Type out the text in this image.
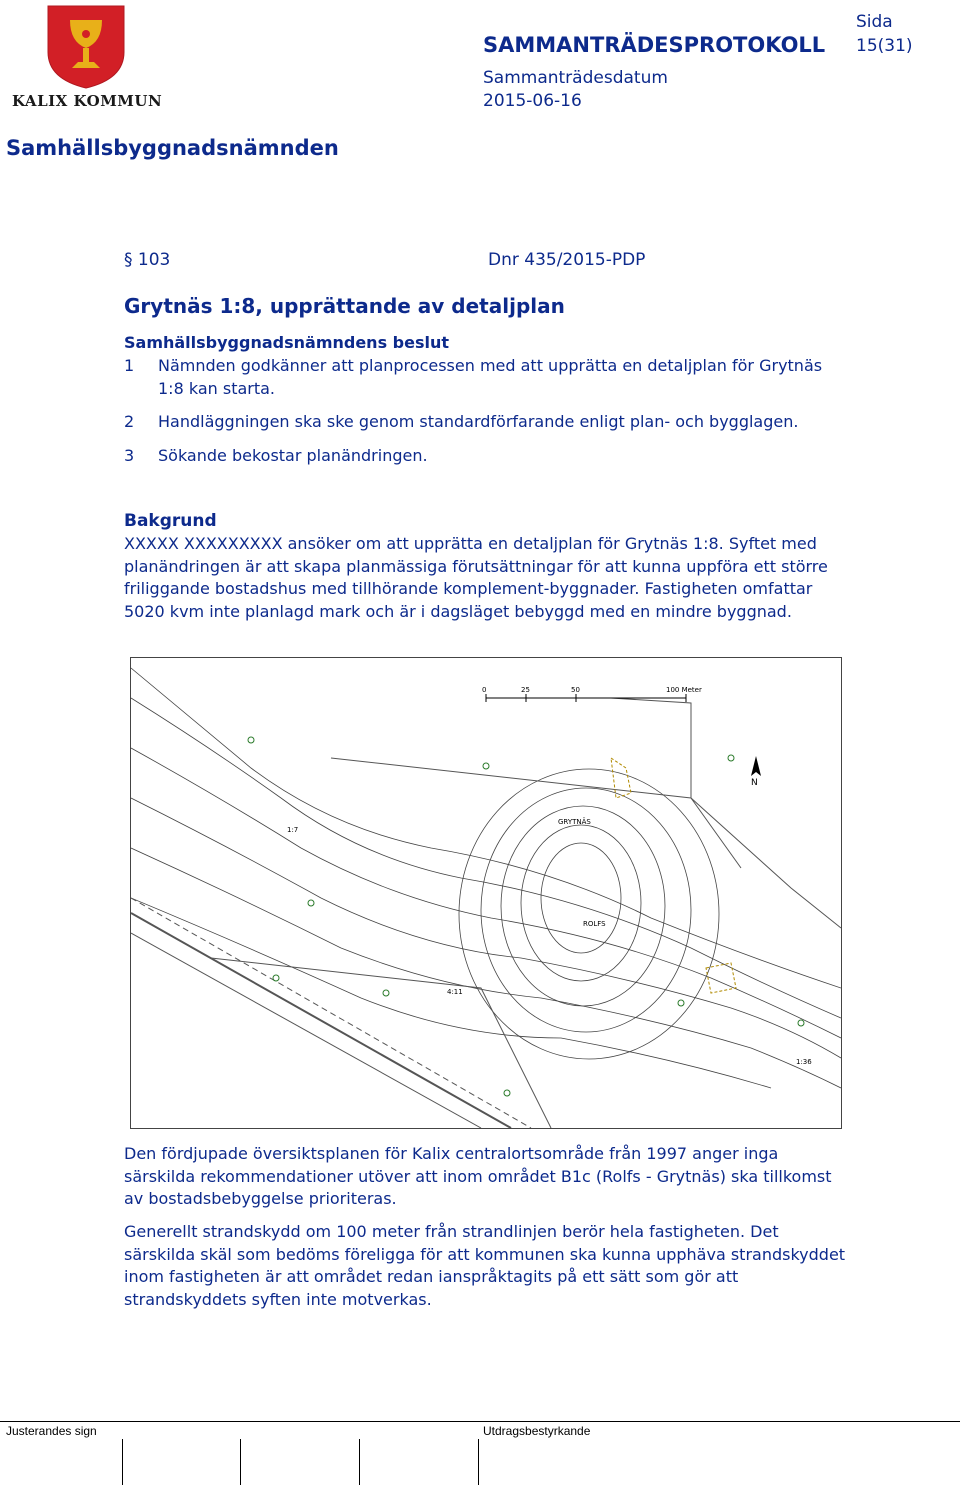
KALIX KOMMUN
SAMMANTRÄDESPROTOKOLL
Sida
15(31)
Sammanträdesdatum
2015-06-16
Samhällsbyggnadsnämnden
§ 103	Dnr 435/2015-PDP
Grytnäs 1:8, upprättande av detaljplan
Samhällsbyggnadsnämndens beslut
1	Nämnden godkänner att planprocessen med att upprätta en detaljplan för Grytnäs 1:8 kan starta.
2	Handläggningen ska ske genom standardförfarande enligt plan- och bygglagen.
3	Sökande bekostar planändringen.
Bakgrund
XXXXX XXXXXXXXX ansöker om att upprätta en detaljplan för Grytnäs 1:8. Syftet med planändringen är att skapa planmässiga förutsättningar för att kunna uppföra ett större friliggande bostadshus med tillhörande komplement-byggnader. Fastigheten omfattar 5020 kvm inte planlagd mark och är i dagsläget bebyggd med en mindre byggnad.
0	25	50	100 Meter
N
GRYTNÄS
ROLFS
1:7
4:11
1:36
Den fördjupade översiktsplanen för Kalix centralortsområde från 1997 anger inga särskilda rekommendationer utöver att inom området B1c (Rolfs - Grytnäs) ska tillkomst av bostadsbebyggelse prioriteras.
Generellt strandskydd om 100 meter från strandlinjen berör hela fastigheten. Det särskilda skäl som bedöms föreligga för att kommunen ska kunna upphäva strandskyddet inom fastigheten är att området redan ianspråktagits på ett sätt som gör att strandskyddets syften inte motverkas.
Justerandes sign	Utdragsbestyrkande
